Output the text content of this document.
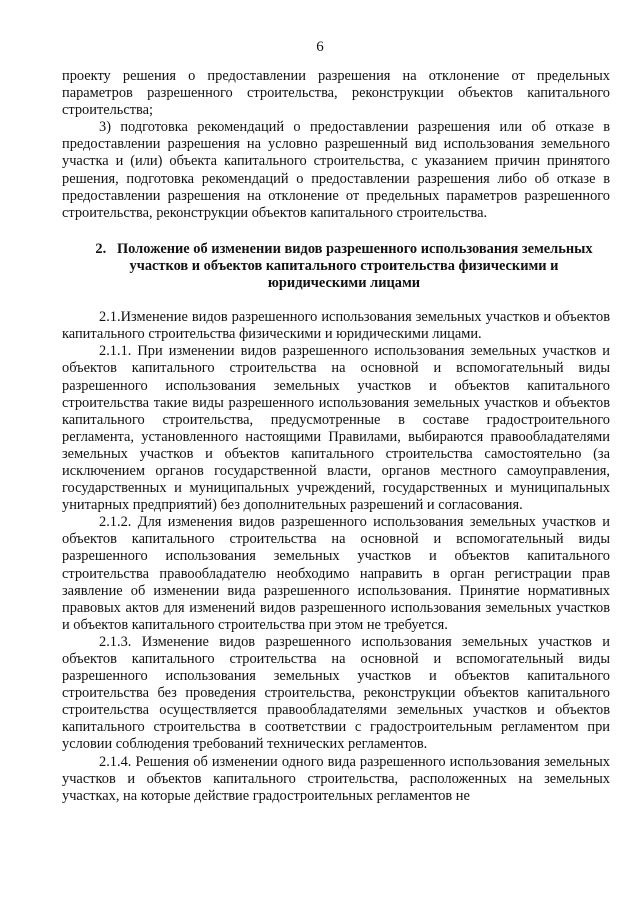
6

проекту решения о предоставлении разрешения на отклонение от предельных параметров разрешенного строительства, реконструкции объектов капитального строительства;

3) подготовка рекомендаций о предоставлении разрешения или об отказе в предоставлении разрешения на условно разрешенный вид использования земельного участка и (или) объекта капитального строительства, с указанием причин принятого решения, подготовка рекомендаций о предоставлении разрешения либо об отказе в предоставлении разрешения на отклонение от предельных параметров разрешенного строительства, реконструкции объектов капитального строительства.

2. Положение об изменении видов разрешенного использования земельных участков и объектов капитального строительства физическими и юридическими лицами

2.1.Изменение видов разрешенного использования земельных участков и объектов капитального строительства физическими и юридическими лицами.

2.1.1. При изменении видов разрешенного использования земельных участков и объектов капитального строительства на основной и вспомогательный виды разрешенного использования земельных участков и объектов капитального строительства такие виды разрешенного использования земельных участков и объектов капитального строительства, предусмотренные в составе градостроительного регламента, установленного настоящими Правилами, выбираются правообладателями земельных участков и объектов капитального строительства самостоятельно (за исключением органов государственной власти, органов местного самоуправления, государственных и муниципальных учреждений, государственных и муниципальных унитарных предприятий) без дополнительных разрешений и согласования.

2.1.2. Для изменения видов разрешенного использования земельных участков и объектов капитального строительства на основной и вспомогательный виды разрешенного использования земельных участков и объектов капитального строительства правообладателю необходимо направить в орган регистрации прав заявление об изменении вида разрешенного использования. Принятие нормативных правовых актов для изменений видов разрешенного использования земельных участков и объектов капитального строительства при этом не требуется.

2.1.3. Изменение видов разрешенного использования земельных участков и объектов капитального строительства на основной и вспомогательный виды разрешенного использования земельных участков и объектов капитального строительства без проведения строительства, реконструкции объектов капитального строительства осуществляется правообладателями земельных участков и объектов капитального строительства в соответствии с градостроительным регламентом при условии соблюдения требований технических регламентов.

2.1.4. Решения об изменении одного вида разрешенного использования земельных участков и объектов капитального строительства, расположенных на земельных участках, на которые действие градостроительных регламентов не
